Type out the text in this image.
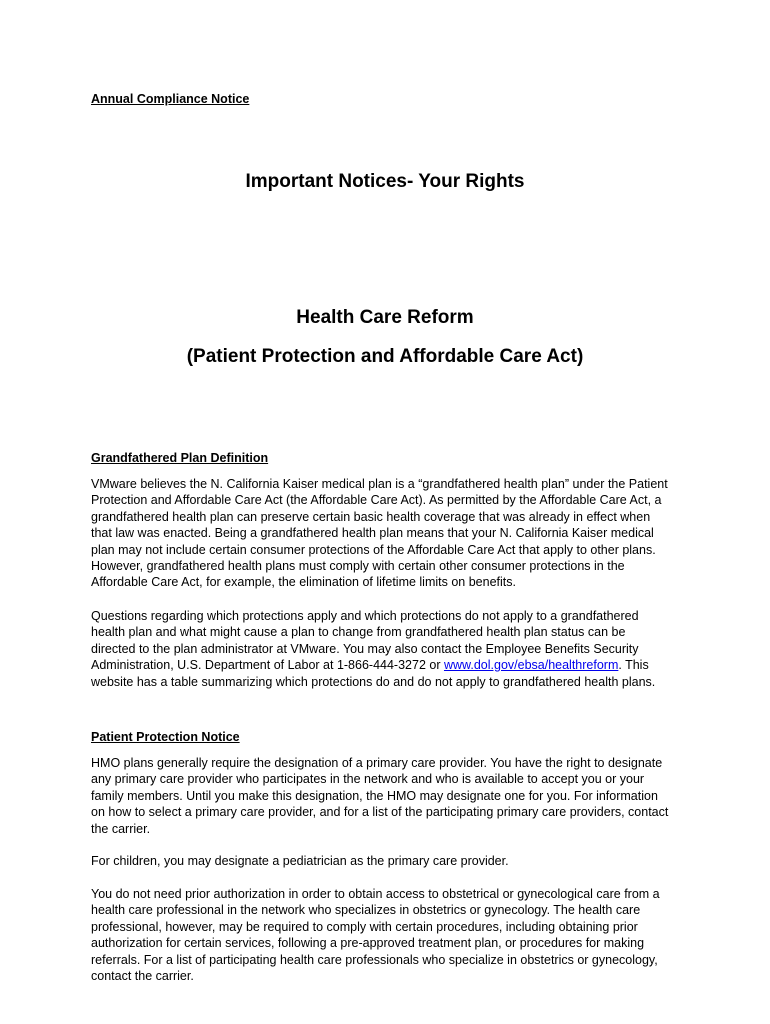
Annual Compliance Notice
Important Notices- Your Rights
Health Care Reform
(Patient Protection and Affordable Care Act)
Grandfathered Plan Definition
VMware believes the N. California Kaiser medical plan is a “grandfathered health plan” under the Patient
Protection and Affordable Care Act (the Affordable Care Act). As permitted by the Affordable Care Act, a
grandfathered health plan can preserve certain basic health coverage that was already in effect when
that law was enacted. Being a grandfathered health plan means that your N. California Kaiser medical
plan may not include certain consumer protections of the Affordable Care Act that apply to other plans.
However, grandfathered health plans must comply with certain other consumer protections in the
Affordable Care Act, for example, the elimination of lifetime limits on benefits.
Questions regarding which protections apply and which protections do not apply to a grandfathered
health plan and what might cause a plan to change from grandfathered health plan status can be
directed to the plan administrator at VMware. You may also contact the Employee Benefits Security
Administration, U.S. Department of Labor at 1-866-444-3272 or www.dol.gov/ebsa/healthreform. This
website has a table summarizing which protections do and do not apply to grandfathered health plans.
Patient Protection Notice
HMO plans generally require the designation of a primary care provider. You have the right to designate
any primary care provider who participates in the network and who is available to accept you or your
family members. Until you make this designation, the HMO may designate one for you. For information
on how to select a primary care provider, and for a list of the participating primary care providers, contact
the carrier.
For children, you may designate a pediatrician as the primary care provider.
You do not need prior authorization in order to obtain access to obstetrical or gynecological care from a
health care professional in the network who specializes in obstetrics or gynecology. The health care
professional, however, may be required to comply with certain procedures, including obtaining prior
authorization for certain services, following a pre-approved treatment plan, or procedures for making
referrals. For a list of participating health care professionals who specialize in obstetrics or gynecology,
contact the carrier.
